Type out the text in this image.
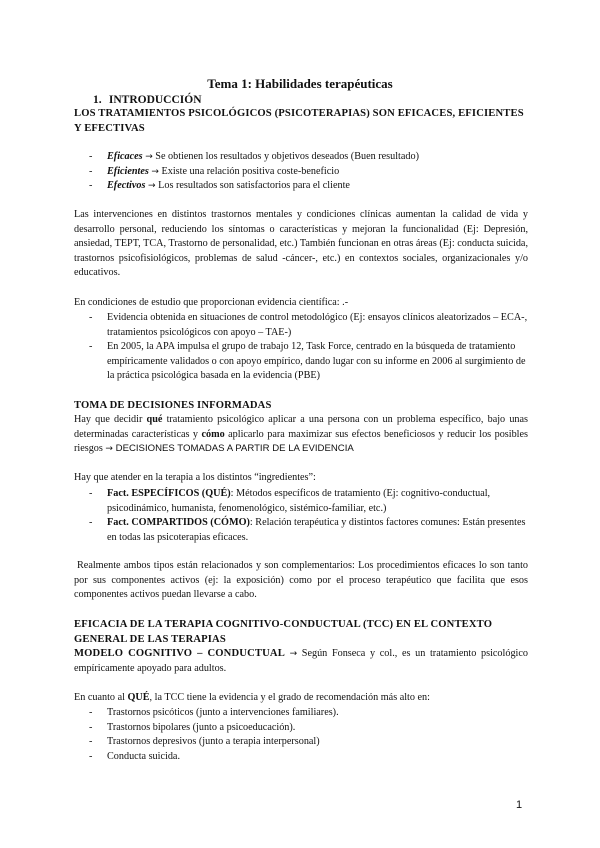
Tema 1: Habilidades terapéuticas
1. INTRODUCCIÓN
LOS TRATAMIENTOS PSICOLÓGICOS (PSICOTERAPIAS) SON EFICACES, EFICIENTES Y EFECTIVAS
- Eficaces → Se obtienen los resultados y objetivos deseados (Buen resultado)
- Eficientes → Existe una relación positiva coste-beneficio
- Efectivos → Los resultados son satisfactorios para el cliente

Las intervenciones en distintos trastornos mentales y condiciones clínicas aumentan la calidad de vida y desarrollo personal, reduciendo los síntomas o características y mejoran la funcionalidad (Ej: Depresión, ansiedad, TEPT, TCA, Trastorno de personalidad, etc.) También funcionan en otras áreas (Ej: conducta suicida, trastornos psicofisiológicos, problemas de salud -cáncer-, etc.) en contextos sociales, organizacionales y/o educativos.

En condiciones de estudio que proporcionan evidencia científica: .-

- Evidencia obtenida en situaciones de control metodológico (Ej: ensayos clínicos aleatorizados – ECA-, tratamientos psicológicos con apoyo – TAE-)
- En 2005, la APA impulsa el grupo de trabajo 12, Task Force, centrado en la búsqueda de tratamiento empíricamente validados o con apoyo empírico, dando lugar con su informe en 2006 al surgimiento de la práctica psicológica basada en la evidencia (PBE)
TOMA DE DECISIONES INFORMADAS

Hay que decidir qué tratamiento psicológico aplicar a una persona con un problema específico, bajo unas determinadas características y cómo aplicarlo para maximizar sus efectos beneficiosos y reducir los posibles riesgos → DECISIONES TOMADAS A PARTIR DE LA EVIDENCIA

Hay que atender en la terapia a los distintos “ingredientes”:

- Fact. ESPECÍFICOS (QUÉ): Métodos específicos de tratamiento (Ej: cognitivo-conductual, psicodinámico, humanista, fenomenológico, sistémico-familiar, etc.)
- Fact. COMPARTIDOS (CÓMO): Relación terapéutica y distintos factores comunes: Están presentes en todas las psicoterapias eficaces.

Realmente ambos tipos están relacionados y son complementarios: Los procedimientos eficaces lo son tanto por sus componentes activos (ej: la exposición) como por el proceso terapéutico que facilita que esos componentes activos puedan llevarse a cabo.

EFICACIA DE LA TERAPIA COGNITIVO-CONDUCTUAL (TCC) EN EL CONTEXTO GENERAL DE LAS TERAPIAS

MODELO COGNITIVO – CONDUCTUAL → Según Fonseca y col., es un tratamiento psicológico empíricamente apoyado para adultos.

En cuanto al QUÉ, la TCC tiene la evidencia y el grado de recomendación más alto en:

- Trastornos psicóticos (junto a intervenciones familiares).
- Trastornos bipolares (junto a psicoeducación).
- Trastornos depresivos (junto a terapia interpersonal)
- Conducta suicida.
1
